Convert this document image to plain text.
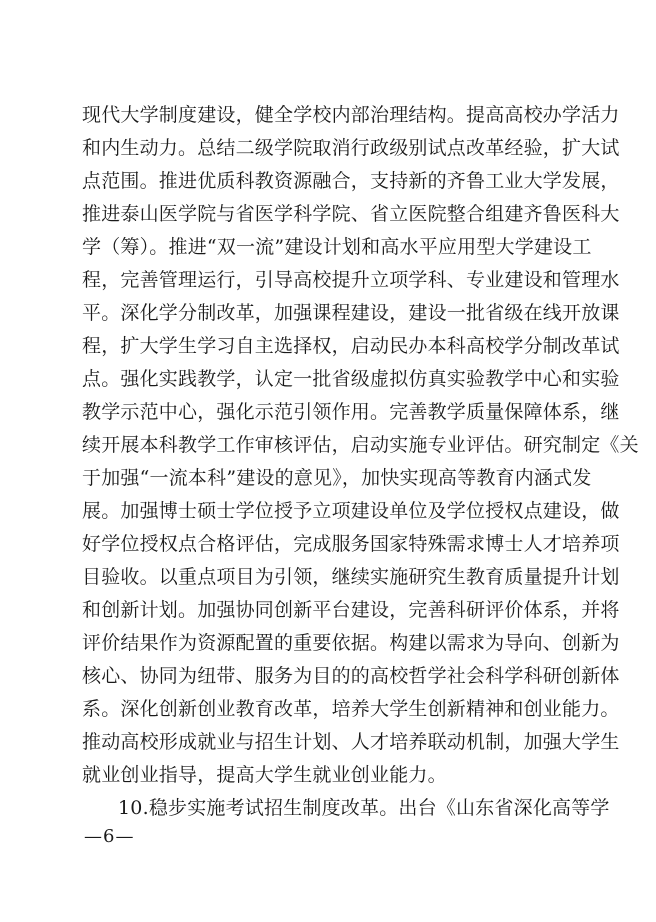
现代大学制度建设，健全学校内部治理结构。提高高校办学活力
和内生动力。总结二级学院取消行政级别试点改革经验，扩大试
点范围。推进优质科教资源融合，支持新的齐鲁工业大学发展，
推进泰山医学院与省医学科学院、省立医院整合组建齐鲁医科大
学（筹）。推进“双一流”建设计划和高水平应用型大学建设工
程，完善管理运行，引导高校提升立项学科、专业建设和管理水
平。深化学分制改革，加强课程建设，建设一批省级在线开放课
程，扩大学生学习自主选择权，启动民办本科高校学分制改革试
点。强化实践教学，认定一批省级虚拟仿真实验教学中心和实验
教学示范中心，强化示范引领作用。完善教学质量保障体系，继
续开展本科教学工作审核评估，启动实施专业评估。研究制定《关
于加强“一流本科”建设的意见》，加快实现高等教育内涵式发
展。加强博士硕士学位授予立项建设单位及学位授权点建设，做
好学位授权点合格评估，完成服务国家特殊需求博士人才培养项
目验收。以重点项目为引领，继续实施研究生教育质量提升计划
和创新计划。加强协同创新平台建设，完善科研评价体系，并将
评价结果作为资源配置的重要依据。构建以需求为导向、创新为
核心、协同为纽带、服务为目的的高校哲学社会科学科研创新体
系。深化创新创业教育改革，培养大学生创新精神和创业能力。
推动高校形成就业与招生计划、人才培养联动机制，加强大学生
就业创业指导，提高大学生就业创业能力。
10.稳步实施考试招生制度改革。出台《山东省深化高等学
—6—
